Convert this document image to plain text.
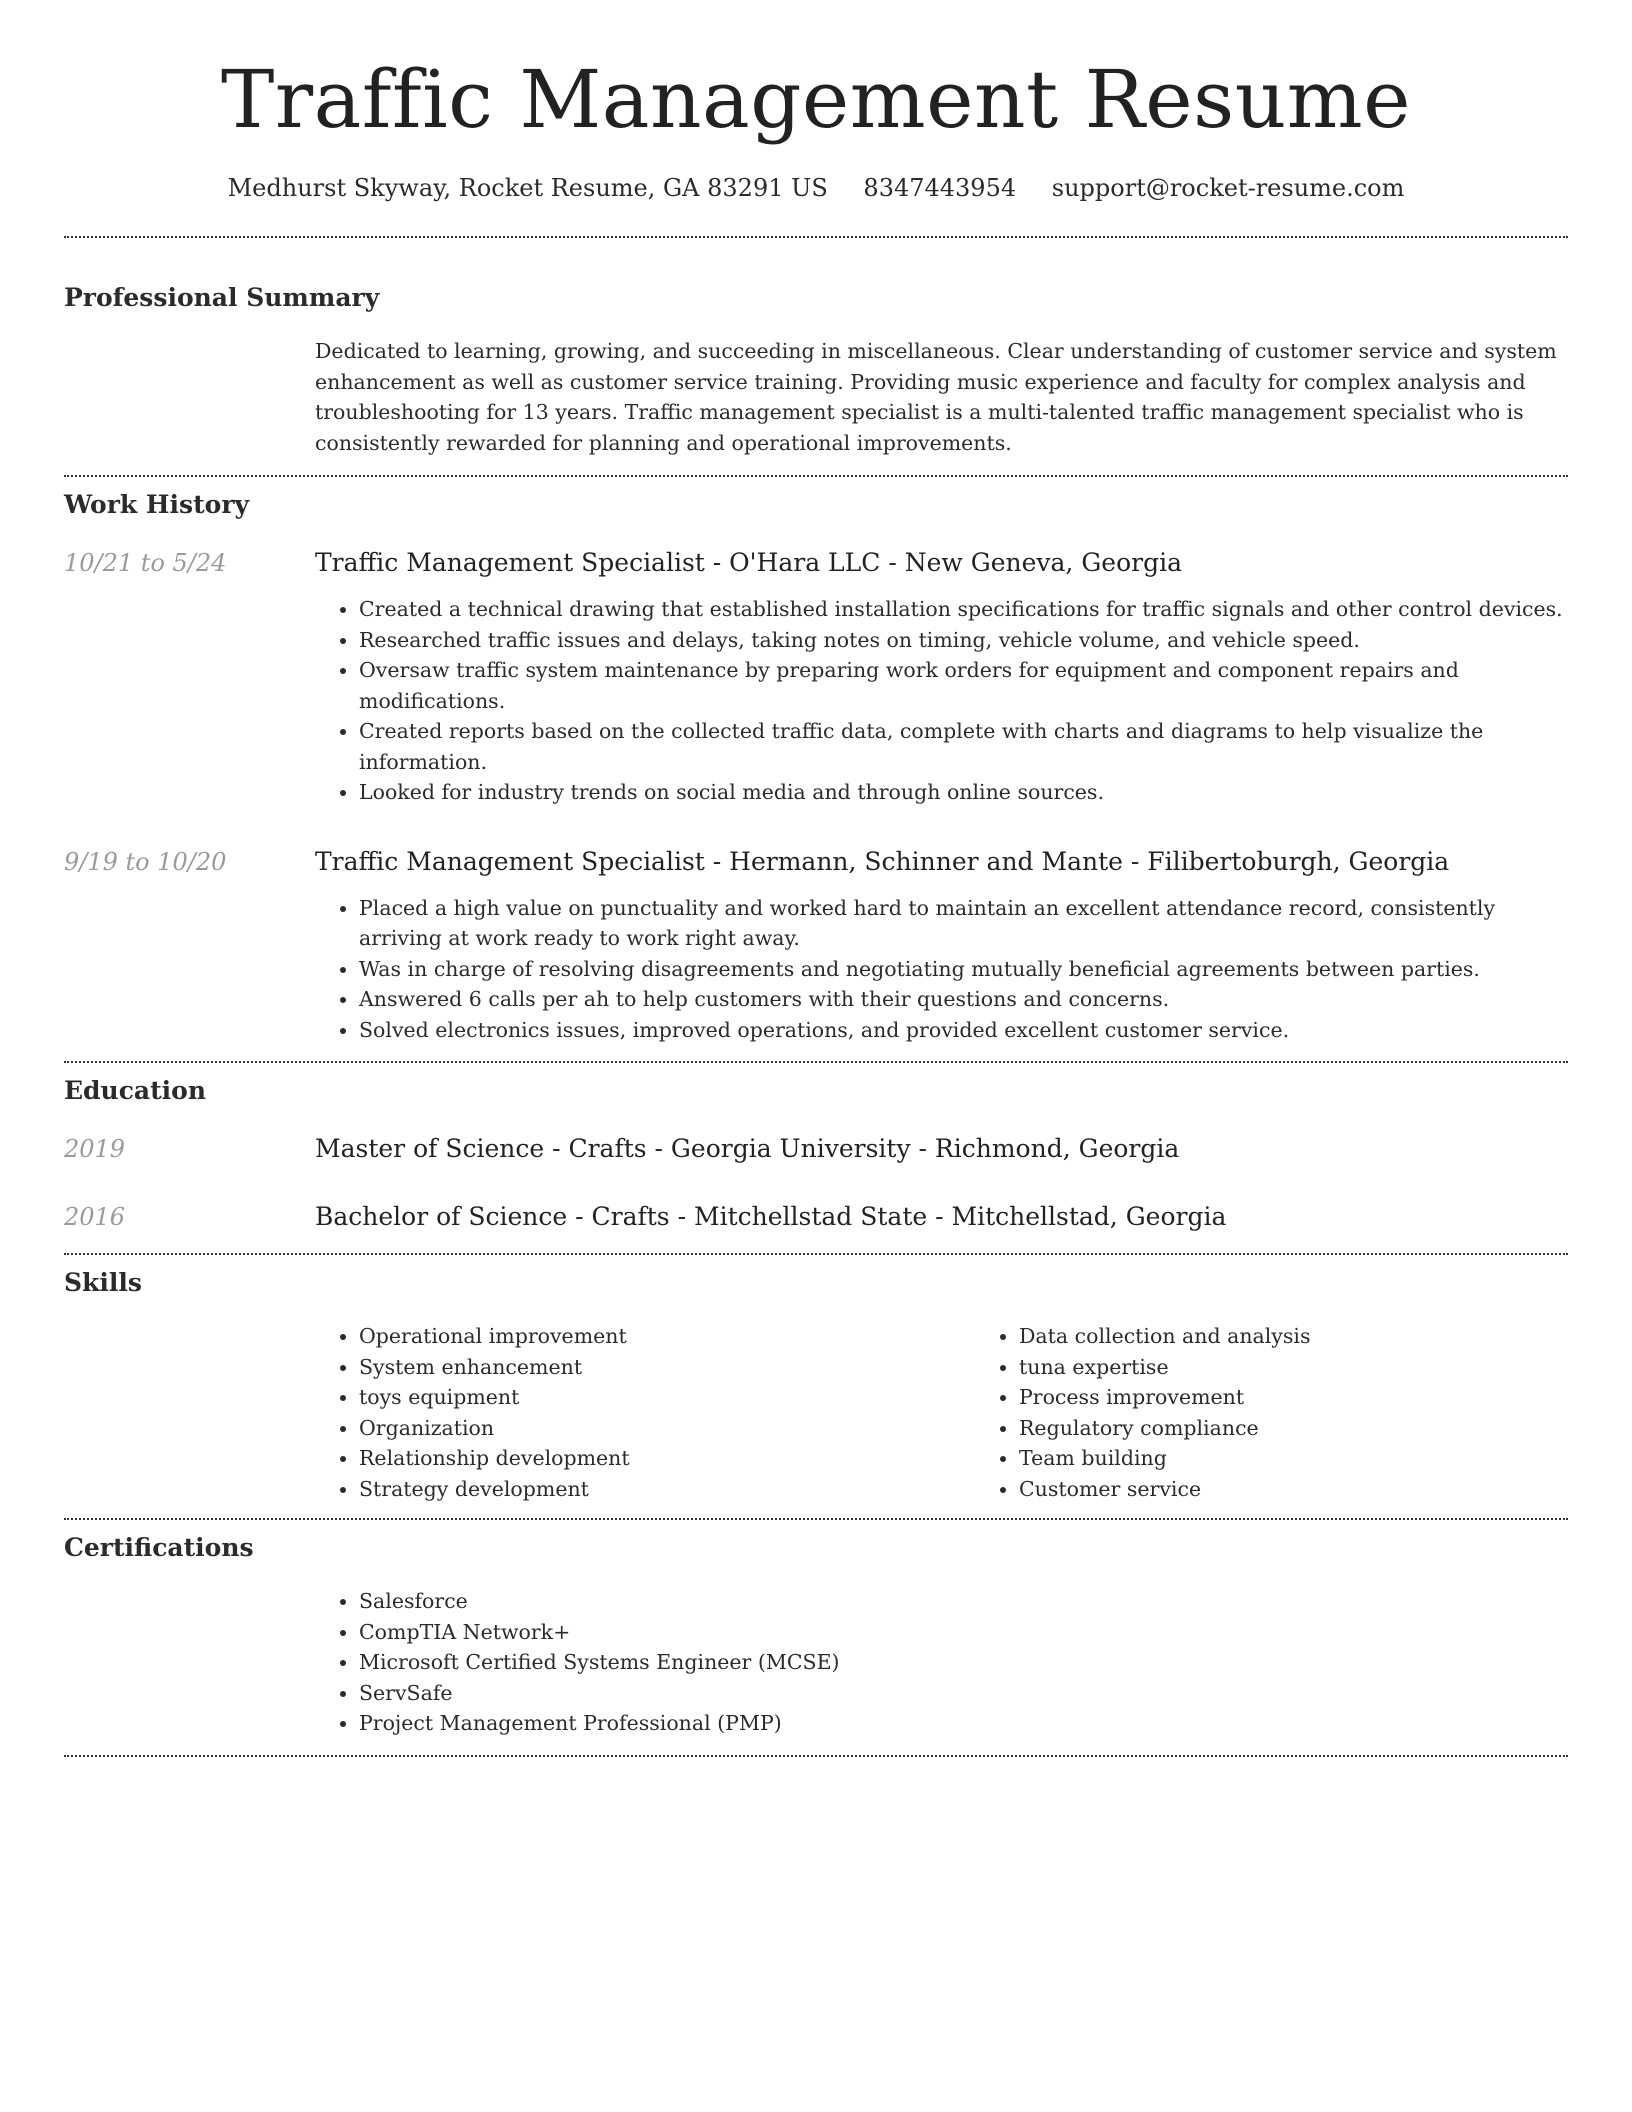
Traffic Management Resume
Medhurst Skyway, Rocket Resume, GA 83291 US 8347443954 support@rocket-resume.com
Professional Summary

Dedicated to learning, growing, and succeeding in miscellaneous. Clear understanding of customer service and system enhancement as well as customer service training. Providing music experience and faculty for complex analysis and troubleshooting for 13 years. Traffic management specialist is a multi-talented traffic management specialist who is consistently rewarded for planning and operational improvements.

Work History
10/21 to 5/24	Traffic Management Specialist - O'Hara LLC - New Geneva, Georgia
• Created a technical drawing that established installation specifications for traffic signals and other control devices.
• Researched traffic issues and delays, taking notes on timing, vehicle volume, and vehicle speed.
• Oversaw traffic system maintenance by preparing work orders for equipment and component repairs and modifications.
• Created reports based on the collected traffic data, complete with charts and diagrams to help visualize the information.
• Looked for industry trends on social media and through online sources.
9/19 to 10/20	Traffic Management Specialist - Hermann, Schinner and Mante - Filibertoburgh, Georgia
• Placed a high value on punctuality and worked hard to maintain an excellent attendance record, consistently arriving at work ready to work right away.
• Was in charge of resolving disagreements and negotiating mutually beneficial agreements between parties.
• Answered 6 calls per ah to help customers with their questions and concerns.
• Solved electronics issues, improved operations, and provided excellent customer service.
Education
2019	Master of Science - Crafts - Georgia University - Richmond, Georgia
2016	Bachelor of Science - Crafts - Mitchellstad State - Mitchellstad, Georgia
Skills
• Operational improvement
• System enhancement
• toys equipment
• Organization
• Relationship development
• Strategy development
• Data collection and analysis
• tuna expertise
• Process improvement
• Regulatory compliance
• Team building
• Customer service
Certifications
• Salesforce
• CompTIA Network+
• Microsoft Certified Systems Engineer (MCSE)
• ServSafe
• Project Management Professional (PMP)
